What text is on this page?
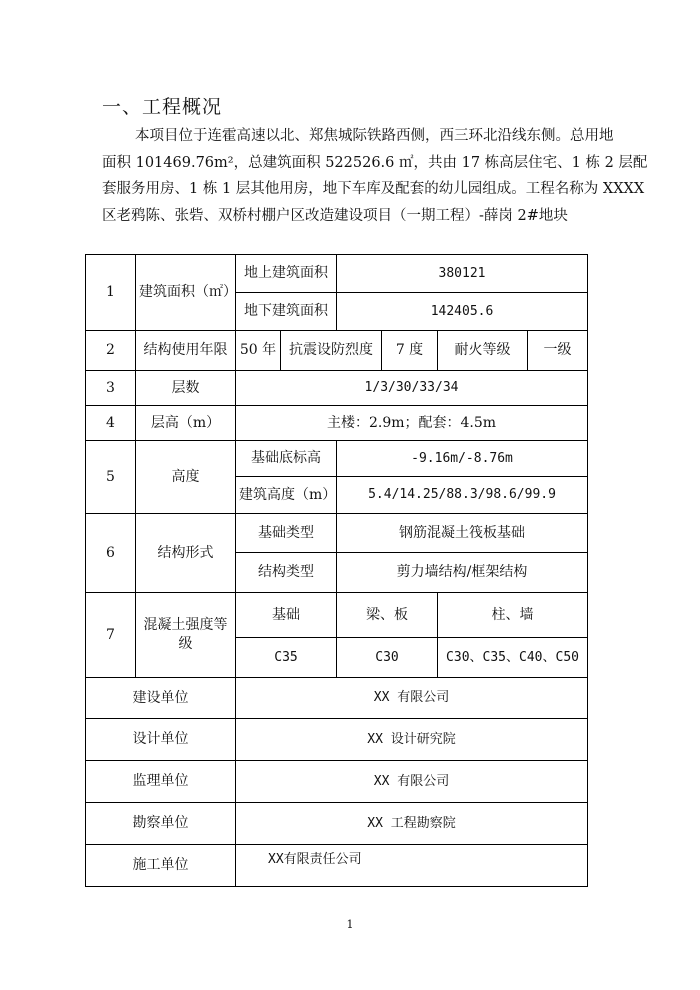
一、工程概况
本项目位于连霍高速以北、郑焦城际铁路西侧，西三环北沿线东侧。总用地
面积 101469.76m²，总建筑面积 522526.6 ㎡，共由 17 栋高层住宅、1 栋 2 层配
套服务用房、1 栋 1 层其他用房，地下车库及配套的幼儿园组成。工程名称为 XXXX
区老鸦陈、张砦、双桥村棚户区改造建设项目（一期工程）-薛岗 2#地块
1	建筑面积（㎡）	地上建筑面积		380121			
		地下建筑面积		142405.6			
2	结构使用年限	50 年	抗震设防烈度		7 度	耐火等级	一级
3	层数	1/3/30/33/34					
4	层高（m）	主楼：2.9m；配套：4.5m					
5	高度	基础底标高		-9.16m/-8.76m			
		建筑高度（m）		5.4/14.25/88.3/98.6/99.9			
6	结构形式	基础类型		钢筋混凝土筏板基础			
		结构类型		剪力墙结构/框架结构			
7	混凝土强度等级	基础		梁、板		柱、墙	
		C35		C30		C30、C35、C40、C50	
建设单位		XX 有限公司					
设计单位		XX 设计研究院					
监理单位		XX 有限公司					
勘察单位		XX 工程勘察院					
施工单位		XX有限责任公司					
1
